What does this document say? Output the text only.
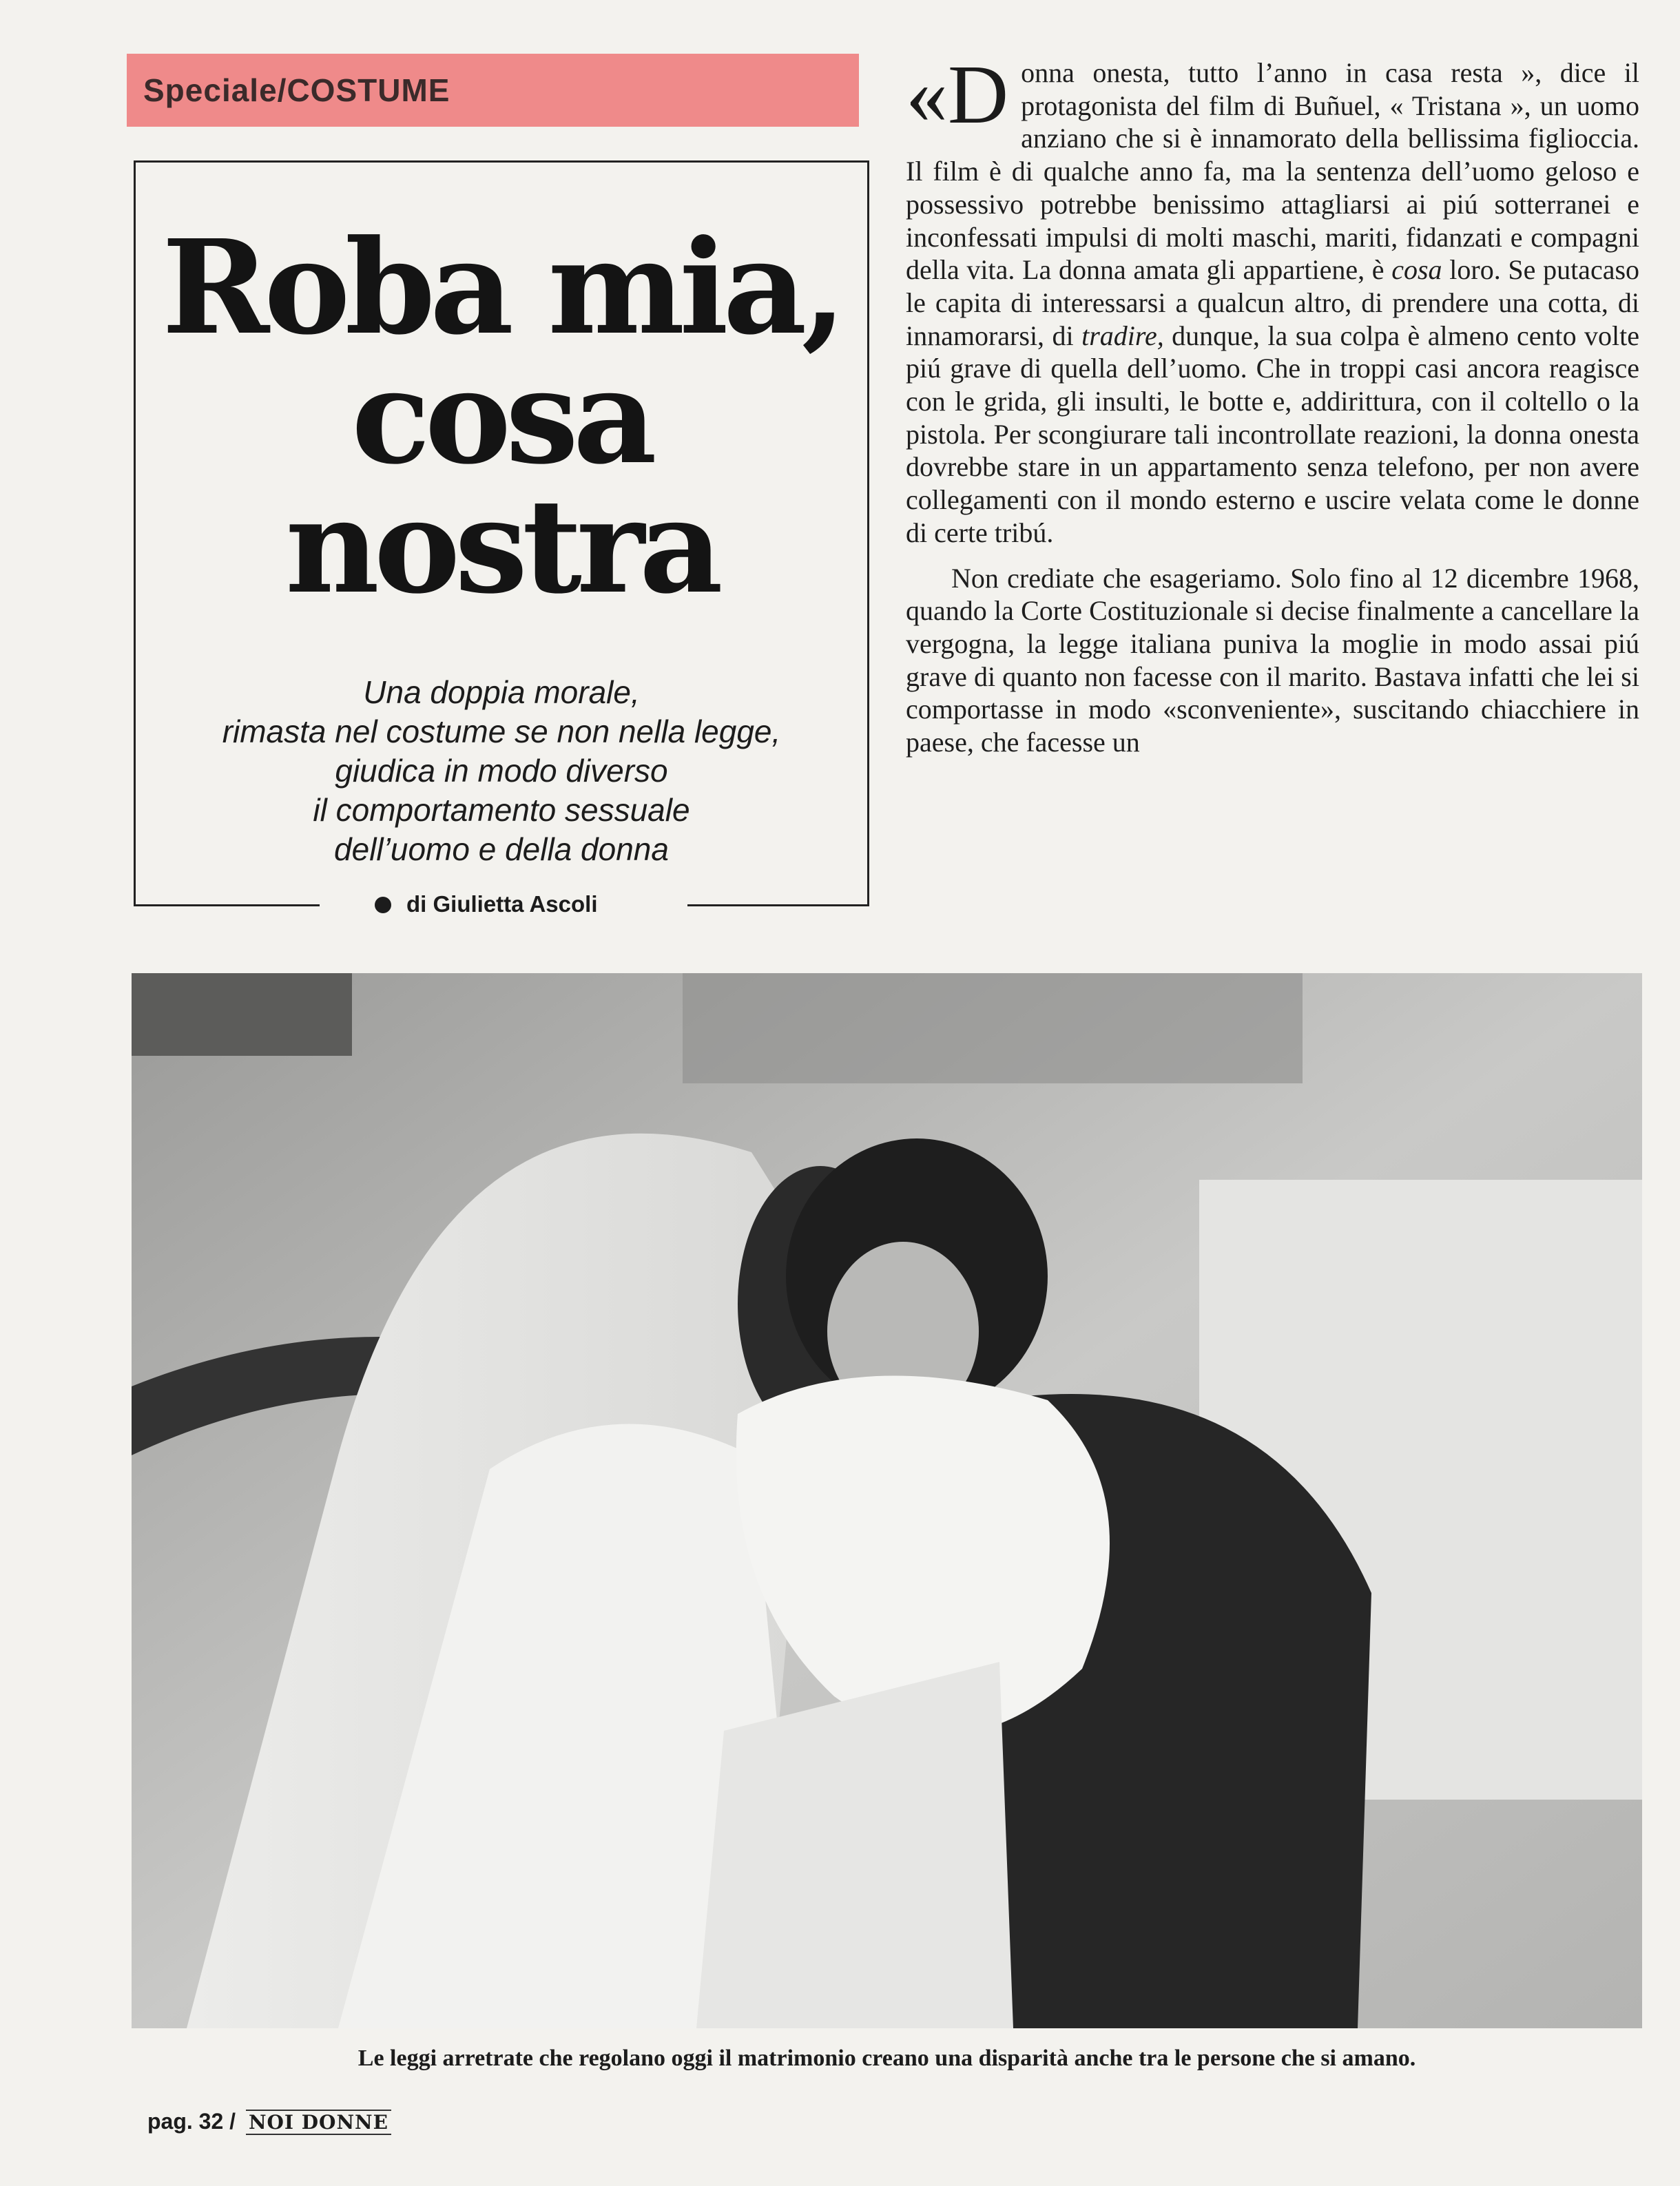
Speciale/COSTUME
Roba mia,
cosa
nostra
Una doppia morale,
rimasta nel costume se non nella legge,
giudica in modo diverso
il comportamento sessuale
dell’uomo e della donna
di Giulietta Ascoli

«D onna onesta, tutto l’anno in casa resta », dice il protagonista del film di Buñuel, « Tristana », un uomo anziano che si è innamorato della bellissima figlioccia. Il film è di qualche anno fa, ma la sentenza dell’uomo geloso e possessivo potrebbe benissimo attagliarsi ai piú sotterranei e inconfessati impulsi di molti maschi, mariti, fidanzati e compagni della vita. La donna amata gli appartiene, è cosa loro. Se putacaso le capita di interessarsi a qualcun altro, di prendere una cotta, di innamorarsi, di tradire, dunque, la sua colpa è almeno cento volte piú grave di quella dell’uomo. Che in troppi casi ancora reagisce con le grida, gli insulti, le botte e, addirittura, con il coltello o la pistola. Per scongiurare tali incontrollate reazioni, la donna onesta dovrebbe stare in un appartamento senza telefono, per non avere collegamenti con il mondo esterno e uscire velata come le donne di certe tribú.

Non crediate che esageriamo. Solo fino al 12 dicembre 1968, quando la Corte Costituzionale si decise finalmente a cancellare la vergogna, la legge italiana puniva la moglie in modo assai piú grave di quanto non facesse con il marito. Bastava infatti che lei si comportasse in modo «sconveniente», suscitando chiacchiere in paese, che facesse un

Le leggi arretrate che regolano oggi il matrimonio creano una disparità anche tra le persone che si amano.
pag. 32 / NOI DONNE
